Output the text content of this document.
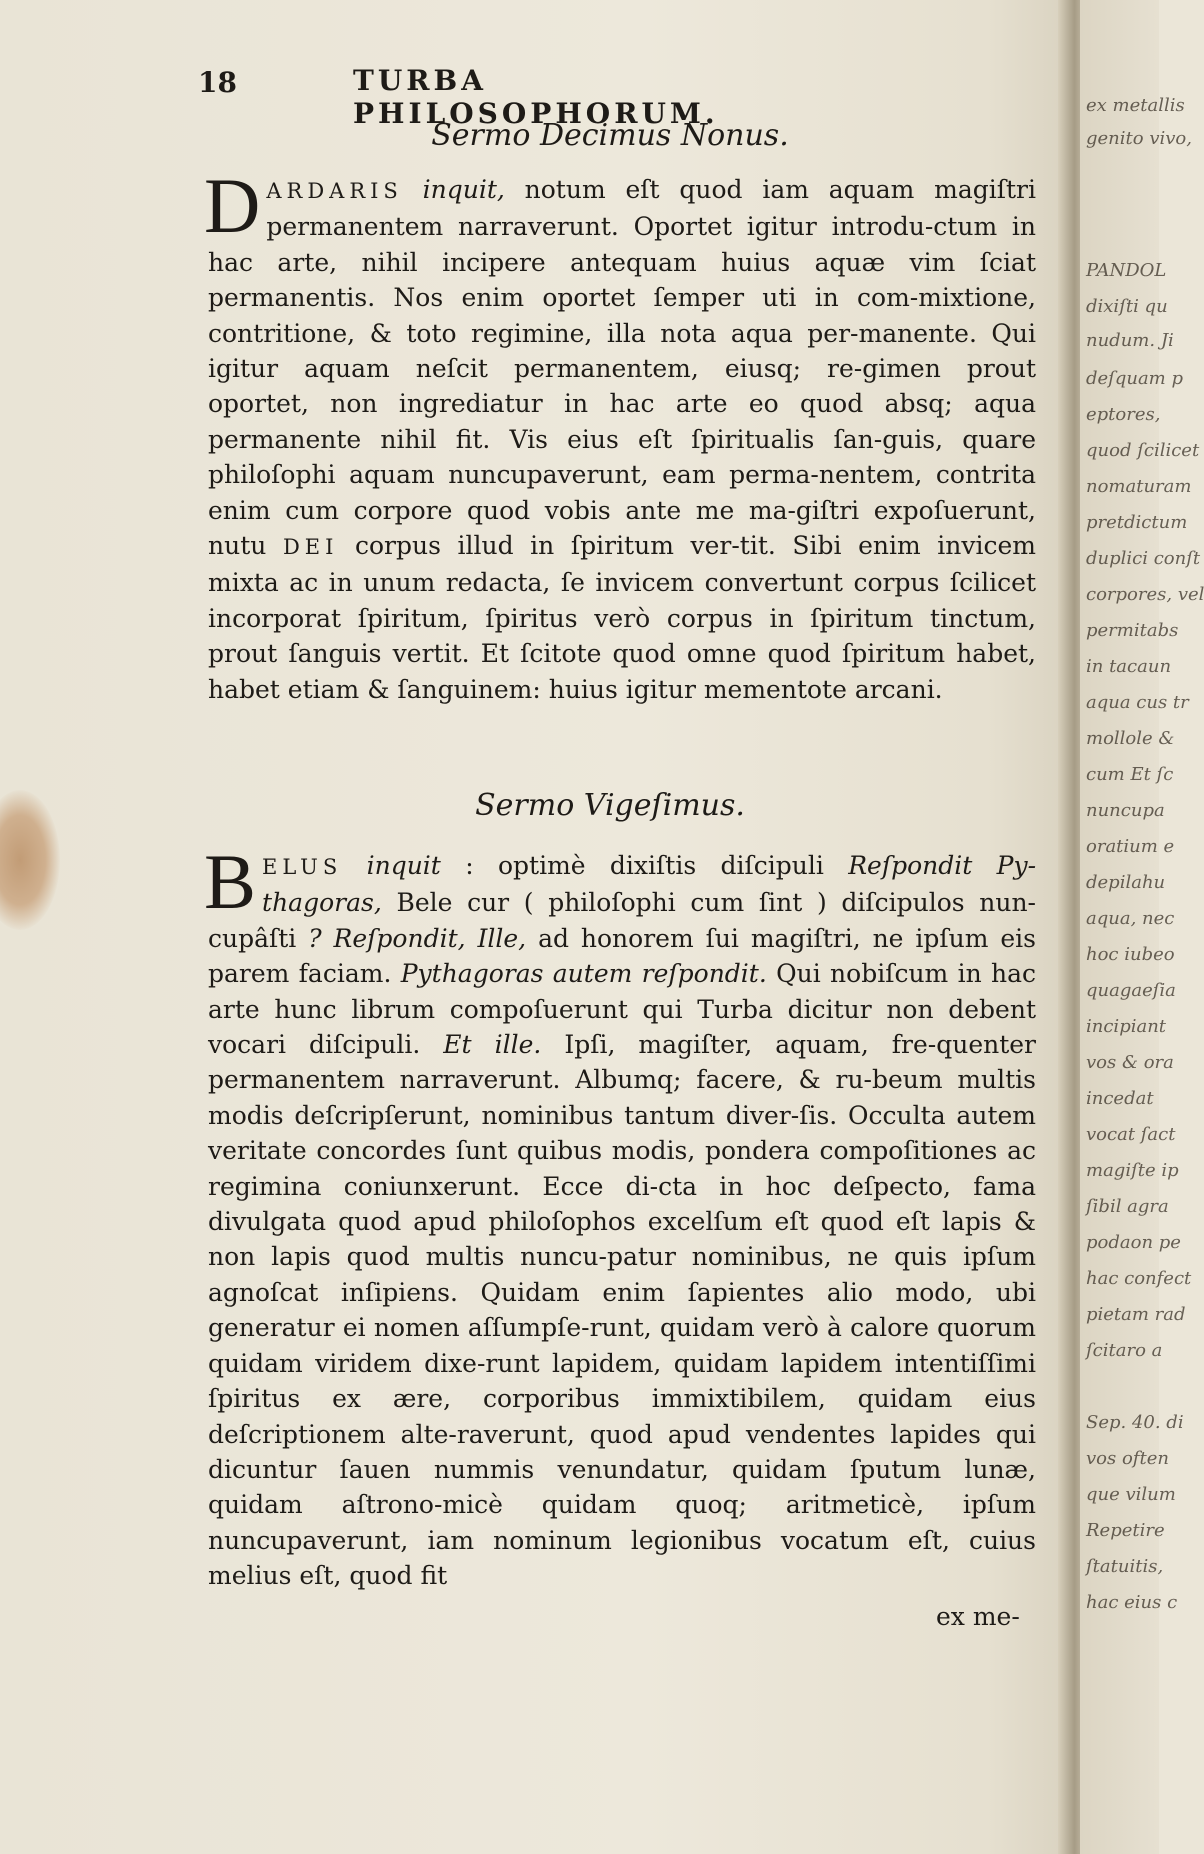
ex metallis
genito vivo,
PANDOL
dixiſti qu
nudum. Ji
deſquam p
eptores,
quod ſcilicet
nomaturam
pretdictum
duplici conſt
corpores, vel
permitabs
in tacaun
aqua cus tr
mollole &
cum Et ſc
nuncupa
oratium e
depilahu
aqua, nec
hoc iubeo
quagaeſia
incipiant
vos & ora
incedat
vocat ſact
magiſte ip
ſibil agra
podaon pe
hac confect
pietam rad
ſcitaro a
Sep. 40. di
vos often
que vilum
Repetire
ſtatuitis,
hac eius c
18	TURBA PHILOSOPHORUM.
Sermo Decimus Nonus.

D ARDARIS inquit, notum eſt quod iam aquam magiſtri permanentem narraverunt. Oportet igitur introdu-ctum in hac arte, nihil incipere antequam huius aquæ vim ſciat permanentis. Nos enim oportet ſemper uti in com-mixtione, contritione, & toto regimine, illa nota aqua per-manente. Qui igitur aquam neſcit permanentem, eiusq; re-gimen prout oportet, non ingrediatur in hac arte eo quod absq; aqua permanente nihil fit. Vis eius eſt ſpiritualis ſan-guis, quare philoſophi aquam nuncupaverunt, eam perma-nentem, contrita enim cum corpore quod vobis ante me ma-giſtri expoſuerunt, nutu DEI corpus illud in ſpiritum ver-tit. Sibi enim invicem mixta ac in unum redacta, ſe invicem convertunt corpus ſcilicet incorporat ſpiritum, ſpiritus verò corpus in ſpiritum tinctum, prout ſanguis vertit. Et ſcitote quod omne quod ſpiritum habet, habet etiam & ſanguinem: huius igitur mementote arcani.

Sermo Vigeſimus.

B ELUS inquit : optimè dixiſtis diſcipuli Reſpondit Py-thagoras, Bele cur ( philoſophi cum ſint ) diſcipulos nun-cupâſti ? Reſpondit, Ille, ad honorem ſui magiſtri, ne ipſum eis parem faciam. Pythagoras autem reſpondit. Qui nobiſcum in hac arte hunc librum compoſuerunt qui Turba dicitur non debent vocari diſcipuli. Et ille. Ipſi, magiſter, aquam, fre-quenter permanentem narraverunt. Albumq; facere, & ru-beum multis modis deſcripſerunt, nominibus tantum diver-ſis. Occulta autem veritate concordes ſunt quibus modis, pondera compoſitiones ac regimina coniunxerunt. Ecce di-cta in hoc deſpecto, fama divulgata quod apud philoſophos excelſum eſt quod eſt lapis & non lapis quod multis nuncu-patur nominibus, ne quis ipſum agnoſcat inſipiens. Quidam enim ſapientes alio modo, ubi generatur ei nomen aſſumpſe-runt, quidam verò à calore quorum quidam viridem dixe-runt lapidem, quidam lapidem intentiſſimi ſpiritus ex ære, corporibus immixtibilem, quidam eius deſcriptionem alte-raverunt, quod apud vendentes lapides qui dicuntur ſauen nummis venundatur, quidam ſputum lunæ, quidam aſtrono-micè quidam quoq; aritmeticè, ipſum nuncupaverunt, iam nominum legionibus vocatum eſt, cuius melius eſt, quod fit

ex me-
